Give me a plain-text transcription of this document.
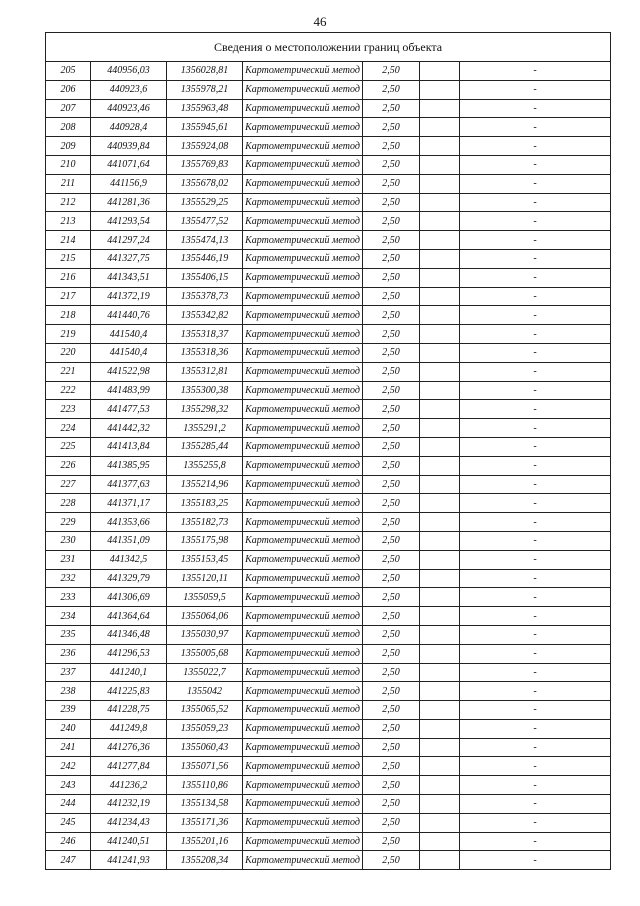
46
Сведения о местоположении границ объекта						
205	440956,03	1356028,81	Картометрический метод	2,50		-
206	440923,6	1355978,21	Картометрический метод	2,50		-
207	440923,46	1355963,48	Картометрический метод	2,50		-
208	440928,4	1355945,61	Картометрический метод	2,50		-
209	440939,84	1355924,08	Картометрический метод	2,50		-
210	441071,64	1355769,83	Картометрический метод	2,50		-
211	441156,9	1355678,02	Картометрический метод	2,50		-
212	441281,36	1355529,25	Картометрический метод	2,50		-
213	441293,54	1355477,52	Картометрический метод	2,50		-
214	441297,24	1355474,13	Картометрический метод	2,50		-
215	441327,75	1355446,19	Картометрический метод	2,50		-
216	441343,51	1355406,15	Картометрический метод	2,50		-
217	441372,19	1355378,73	Картометрический метод	2,50		-
218	441440,76	1355342,82	Картометрический метод	2,50		-
219	441540,4	1355318,37	Картометрический метод	2,50		-
220	441540,4	1355318,36	Картометрический метод	2,50		-
221	441522,98	1355312,81	Картометрический метод	2,50		-
222	441483,99	1355300,38	Картометрический метод	2,50		-
223	441477,53	1355298,32	Картометрический метод	2,50		-
224	441442,32	1355291,2	Картометрический метод	2,50		-
225	441413,84	1355285,44	Картометрический метод	2,50		-
226	441385,95	1355255,8	Картометрический метод	2,50		-
227	441377,63	1355214,96	Картометрический метод	2,50		-
228	441371,17	1355183,25	Картометрический метод	2,50		-
229	441353,66	1355182,73	Картометрический метод	2,50		-
230	441351,09	1355175,98	Картометрический метод	2,50		-
231	441342,5	1355153,45	Картометрический метод	2,50		-
232	441329,79	1355120,11	Картометрический метод	2,50		-
233	441306,69	1355059,5	Картометрический метод	2,50		-
234	441364,64	1355064,06	Картометрический метод	2,50		-
235	441346,48	1355030,97	Картометрический метод	2,50		-
236	441296,53	1355005,68	Картометрический метод	2,50		-
237	441240,1	1355022,7	Картометрический метод	2,50		-
238	441225,83	1355042	Картометрический метод	2,50		-
239	441228,75	1355065,52	Картометрический метод	2,50		-
240	441249,8	1355059,23	Картометрический метод	2,50		-
241	441276,36	1355060,43	Картометрический метод	2,50		-
242	441277,84	1355071,56	Картометрический метод	2,50		-
243	441236,2	1355110,86	Картометрический метод	2,50		-
244	441232,19	1355134,58	Картометрический метод	2,50		-
245	441234,43	1355171,36	Картометрический метод	2,50		-
246	441240,51	1355201,16	Картометрический метод	2,50		-
247	441241,93	1355208,34	Картометрический метод	2,50		-
